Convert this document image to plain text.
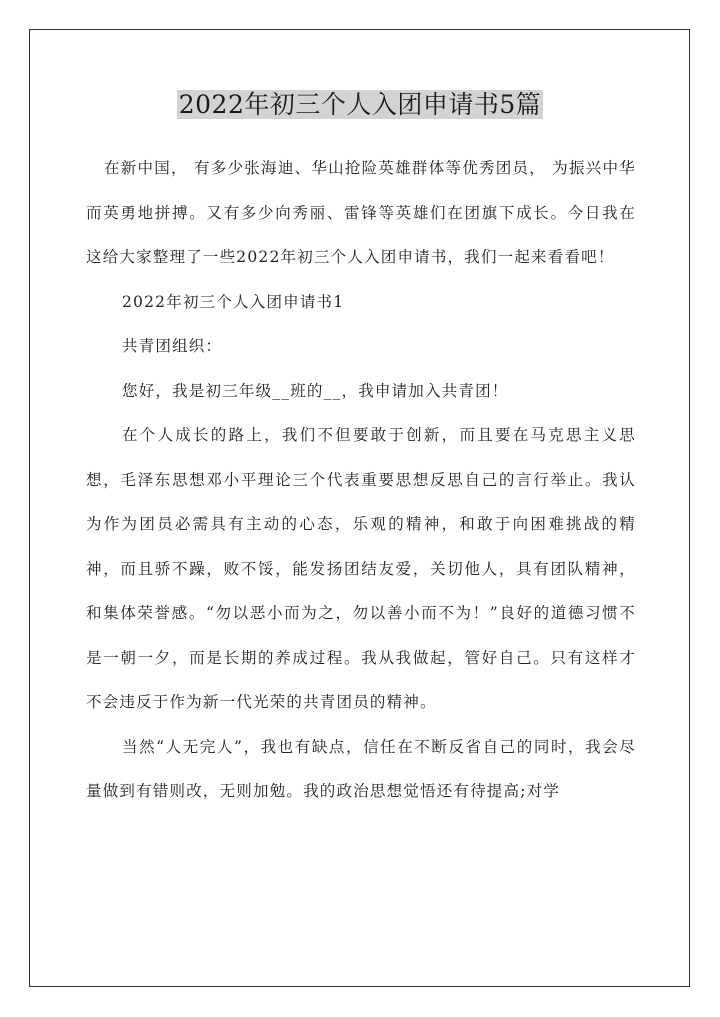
2022年初三个人入团申请书5篇

在新中国， 有多少张海迪、华山抢险英雄群体等优秀团员， 为振兴中华而英勇地拼搏。又有多少向秀丽、雷锋等英雄们在团旗下成长。今日我在这给大家整理了一些2022年初三个人入团申请书，我们一起来看看吧！

2022年初三个人入团申请书1

共青团组织：

您好，我是初三年级__班的__，我申请加入共青团！

在个人成长的路上，我们不但要敢于创新，而且要在马克思主义思想，毛泽东思想邓小平理论三个代表重要思想反思自己的言行举止。我认为作为团员必需具有主动的心态，乐观的精神，和敢于向困难挑战的精神，而且骄不躁，败不馁，能发扬团结友爱，关切他人，具有团队精神，和集体荣誉感。“勿以恶小而为之，勿以善小而不为！”良好的道德习惯不是一朝一夕，而是长期的养成过程。我从我做起，管好自己。只有这样才不会违反于作为新一代光荣的共青团员的精神。

当然“人无完人”，我也有缺点，信任在不断反省自己的同时，我会尽量做到有错则改，无则加勉。我的政治思想觉悟还有待提高;对学
